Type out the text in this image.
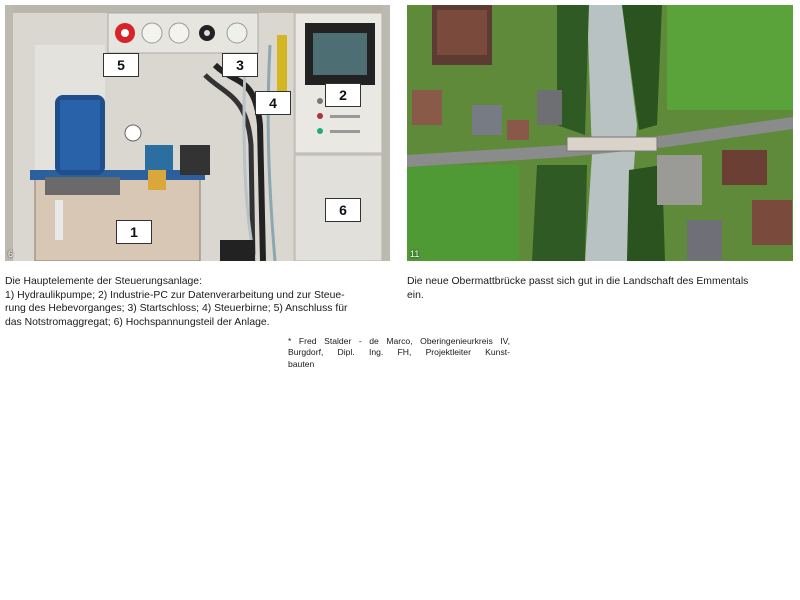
1
2
3
4
5
6
6	11
Die Hauptelemente der Steuerungsanlage:
1) Hydraulikpumpe; 2) Industrie-PC zur Datenverarbeitung und zur Steue-
rung des Hebevorganges; 3) Startschloss; 4) Steuerbirne; 5) Anschluss für
das Notstromaggregat; 6) Hochspannungsteil der Anlage.
Die neue Obermattbrücke passt sich gut in die Landschaft des Emmentals
ein.
* Fred Stalder - de Marco, Oberingenieurkreis IV,
Burgdorf, Dipl. Ing. FH, Projektleiter Kunst-
bauten
